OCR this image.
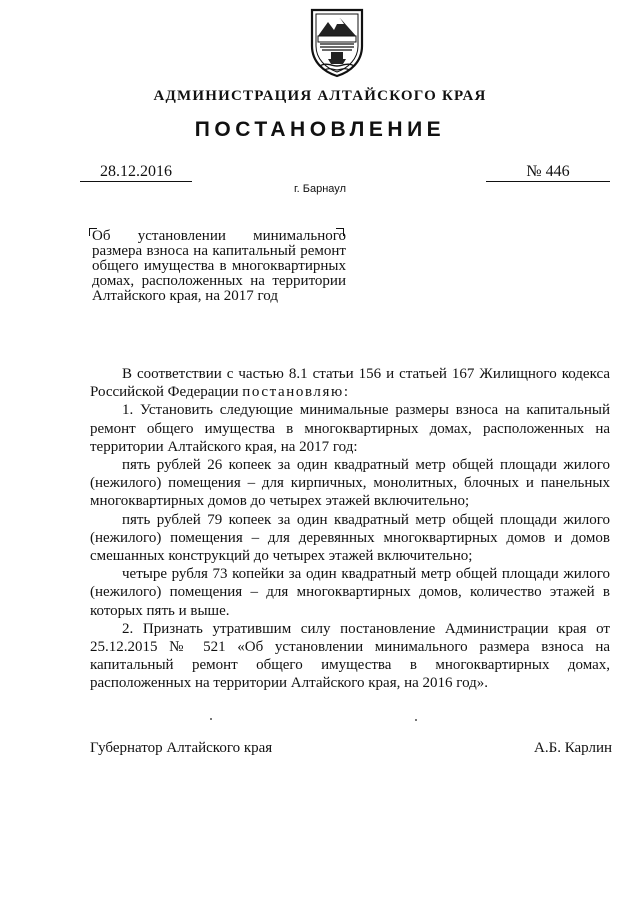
АДМИНИСТРАЦИЯ АЛТАЙСКОГО КРАЯ
ПОСТАНОВЛЕНИЕ
28.12.2016	№ 446
г. Барнаул
Об установлении минимального размера взноса на капитальный ремонт общего имущества в многоквартирных домах, расположенных на территории Алтайского края, на 2017 год

В соответствии с частью 8.1 статьи 156 и статьей 167 Жилищного кодекса Российской Федерации постановляю:

1. Установить следующие минимальные размеры взноса на капитальный ремонт общего имущества в многоквартирных домах, расположенных на территории Алтайского края, на 2017 год:

пять рублей 26 копеек за один квадратный метр общей площади жилого (нежилого) помещения – для кирпичных, монолитных, блочных и панельных многоквартирных домов до четырех этажей включительно;

пять рублей 79 копеек за один квадратный метр общей площади жилого (нежилого) помещения – для деревянных многоквартирных домов и домов смешанных конструкций до четырех этажей включительно;

четыре рубля 73 копейки за один квадратный метр общей площади жилого (нежилого) помещения – для многоквартирных домов, количество этажей в которых пять и выше.

2. Признать утратившим силу постановление Администрации края от 25.12.2015 № 521 «Об установлении минимального размера взноса на капитальный ремонт общего имущества в многоквартирных домах, расположенных на территории Алтайского края, на 2016 год».

Губернатор Алтайского края	А.Б. Карлин
